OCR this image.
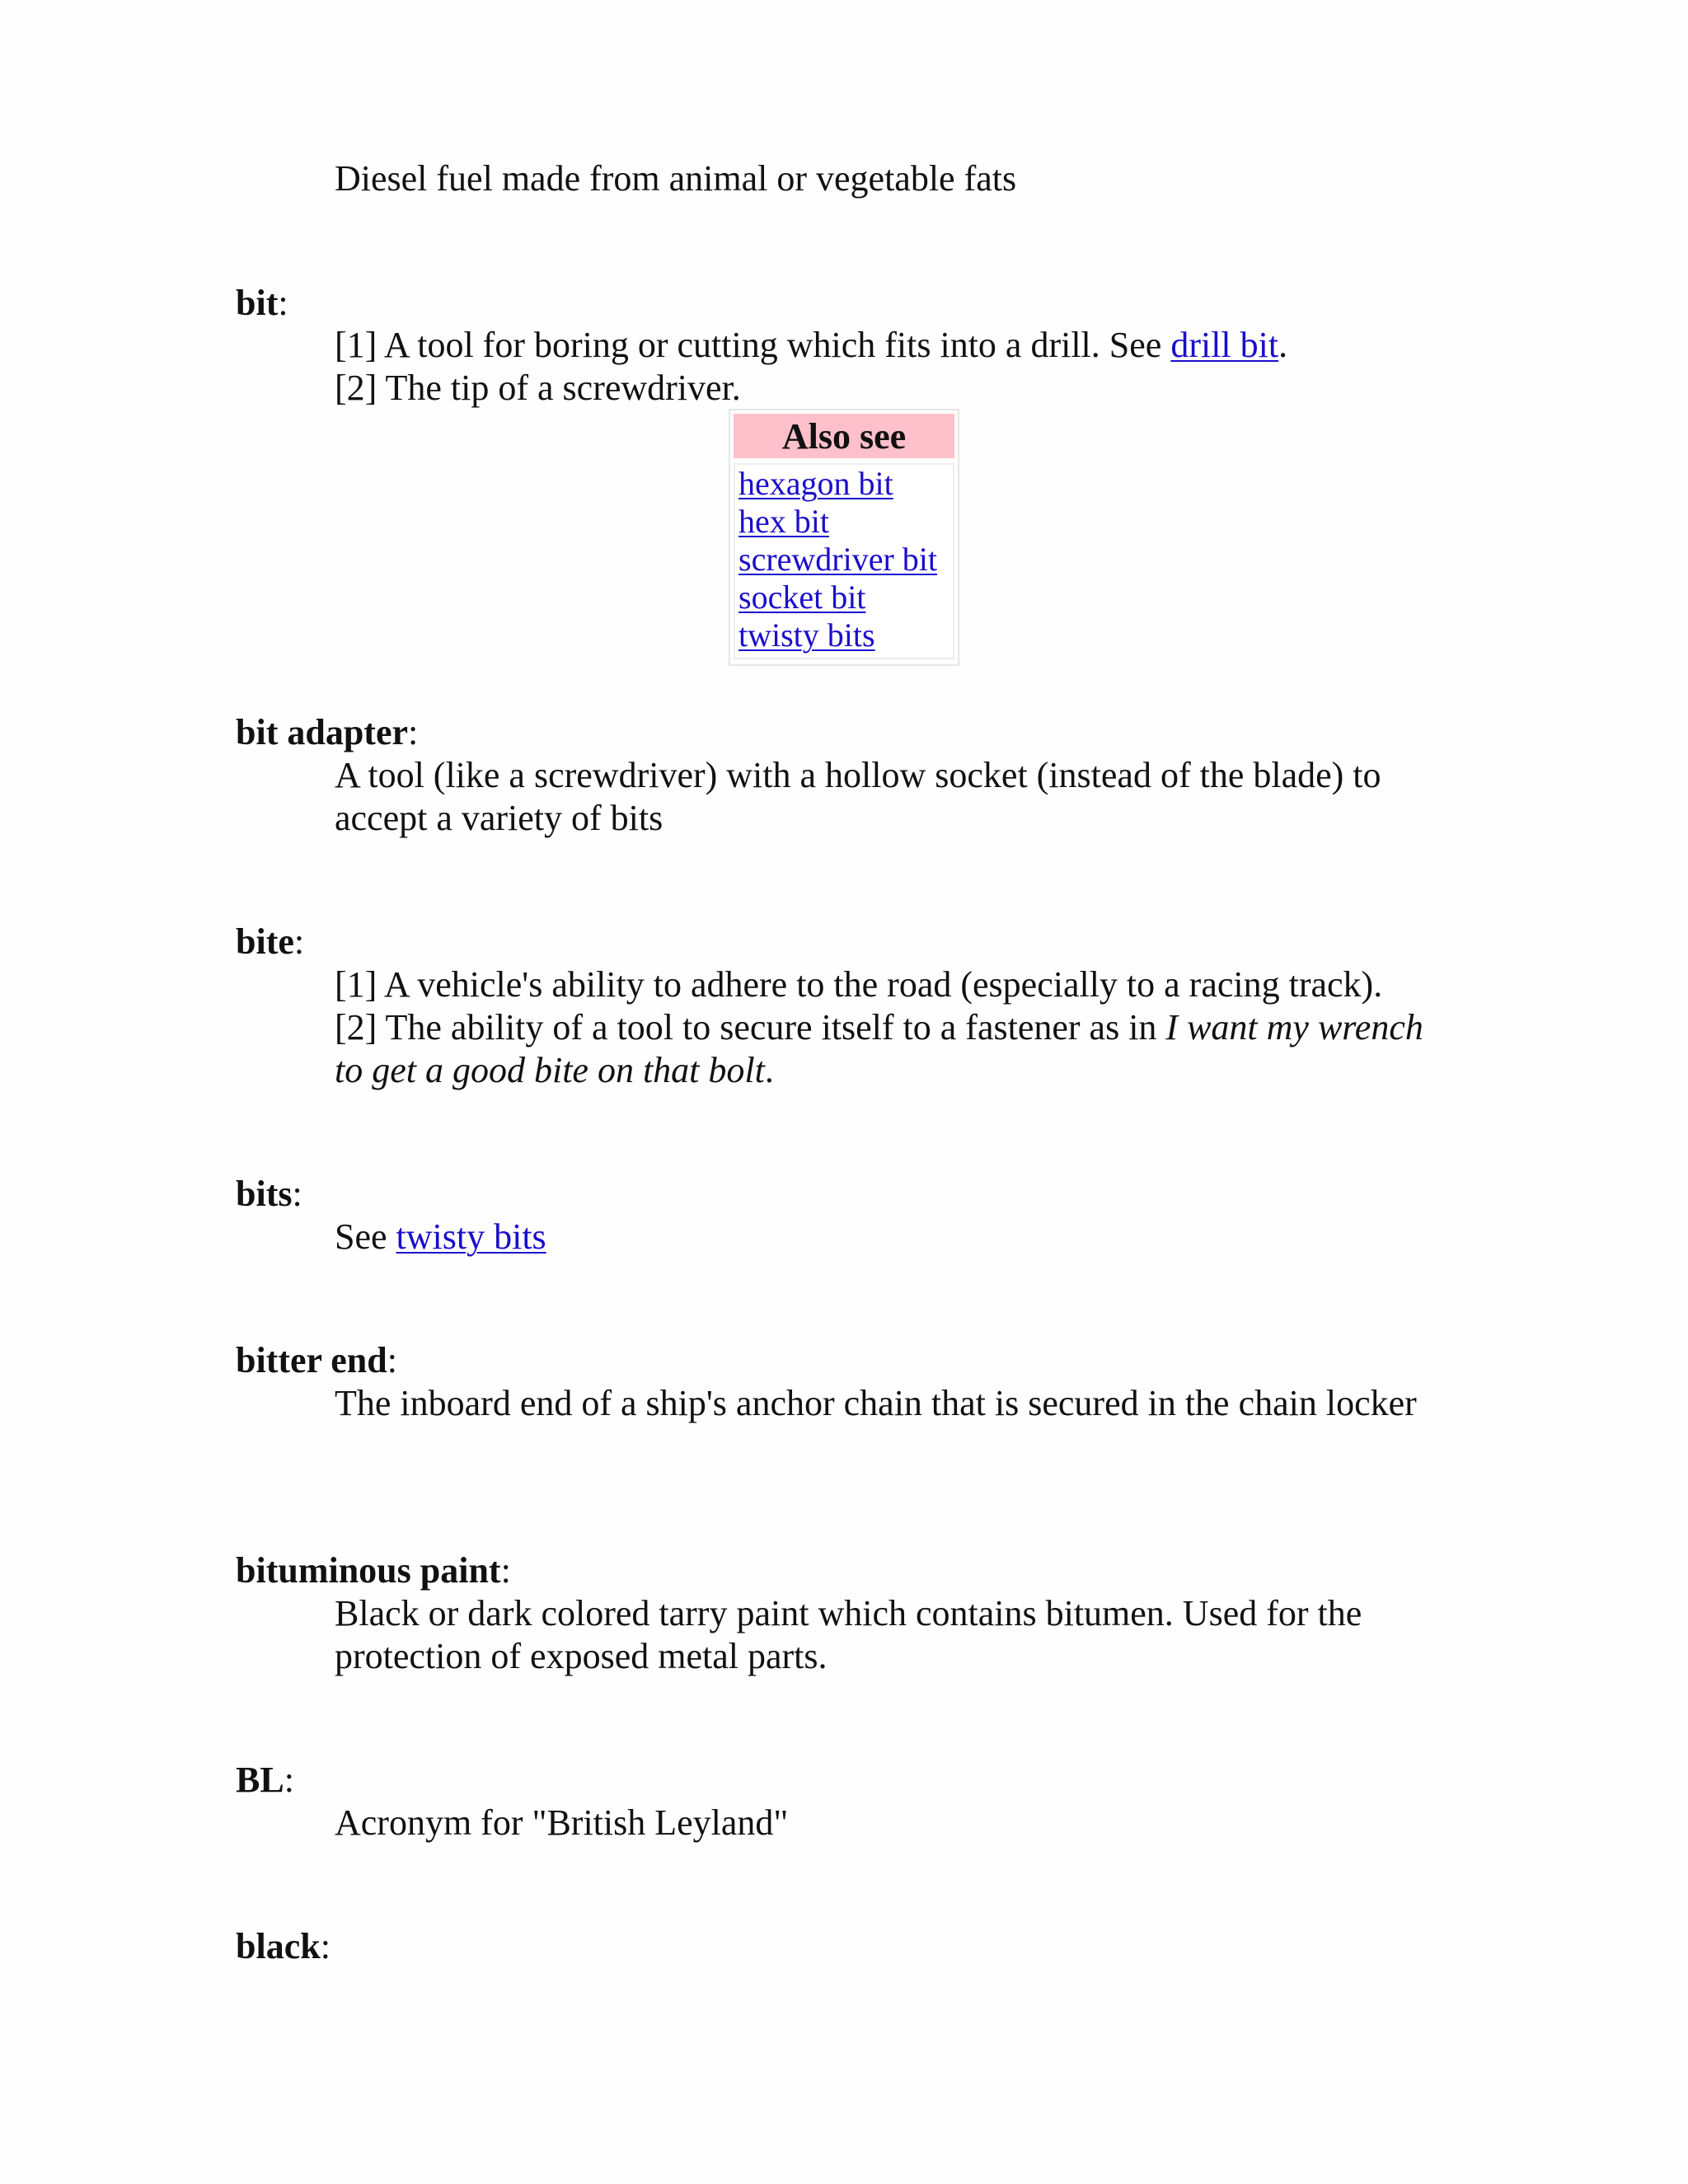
Diesel fuel made from animal or vegetable fats

bit:

[1] A tool for boring or cutting which fits into a drill. See drill bit.

[2] The tip of a screwdriver.

Also see
hexagon bit
hex bit
screwdriver bit
socket bit
twisty bits
bit adapter:

A tool (like a screwdriver) with a hollow socket (instead of the blade) to accept a variety of bits

bite:

[1] A vehicle's ability to adhere to the road (especially to a racing track).

[2] The ability of a tool to secure itself to a fastener as in I want my wrench to get a good bite on that bolt.

bits:

See twisty bits

bitter end:

The inboard end of a ship's anchor chain that is secured in the chain locker

bituminous paint:

Black or dark colored tarry paint which contains bitumen. Used for the protection of exposed metal parts.

BL:

Acronym for "British Leyland"

black:
